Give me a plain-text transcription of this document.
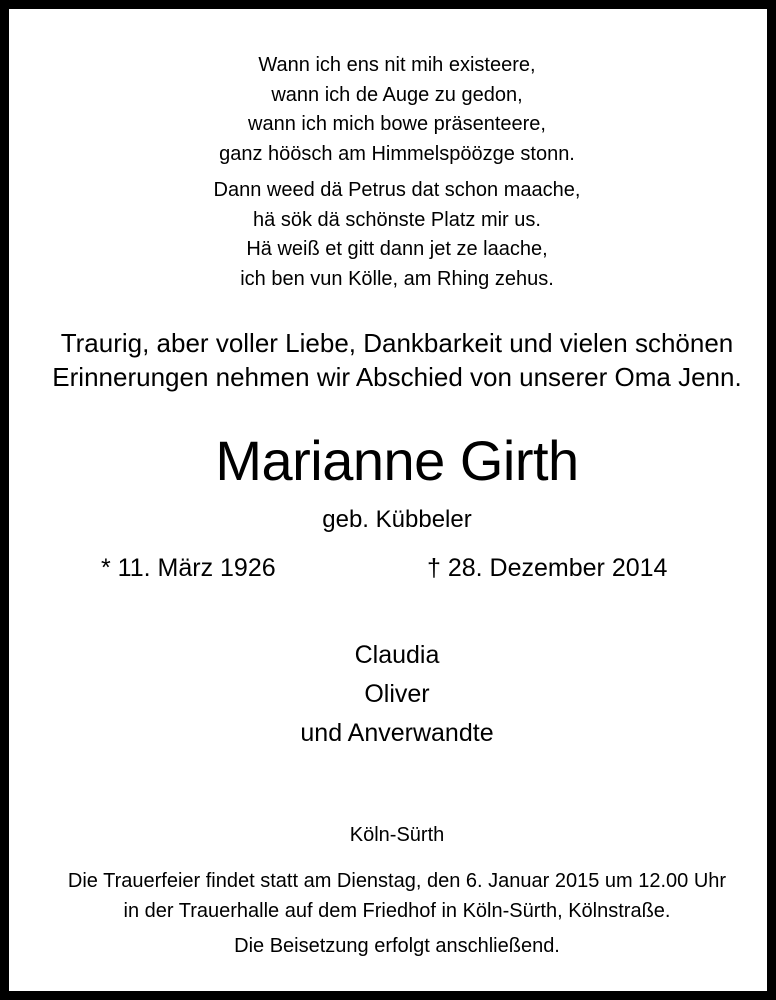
Wann ich ens nit mih existeere,
wann ich de Auge zu gedon,
wann ich mich bowe präsenteere,
ganz höösch am Himmelspöözge stonn.
Dann weed dä Petrus dat schon maache,
hä sök dä schönste Platz mir us.
Hä weiß et gitt dann jet ze laache,
ich ben vun Kölle, am Rhing zehus.
Traurig, aber voller Liebe, Dankbarkeit und vielen schönen
Erinnerungen nehmen wir Abschied von unserer Oma Jenn.
Marianne Girth
geb. Kübbeler
* 11. März 1926	† 28. Dezember 2014
Claudia
Oliver
und Anverwandte
Köln-Sürth
Die Trauerfeier findet statt am Dienstag, den 6. Januar 2015 um 12.00 Uhr
in der Trauerhalle auf dem Friedhof in Köln-Sürth, Kölnstraße.
Die Beisetzung erfolgt anschließend.
